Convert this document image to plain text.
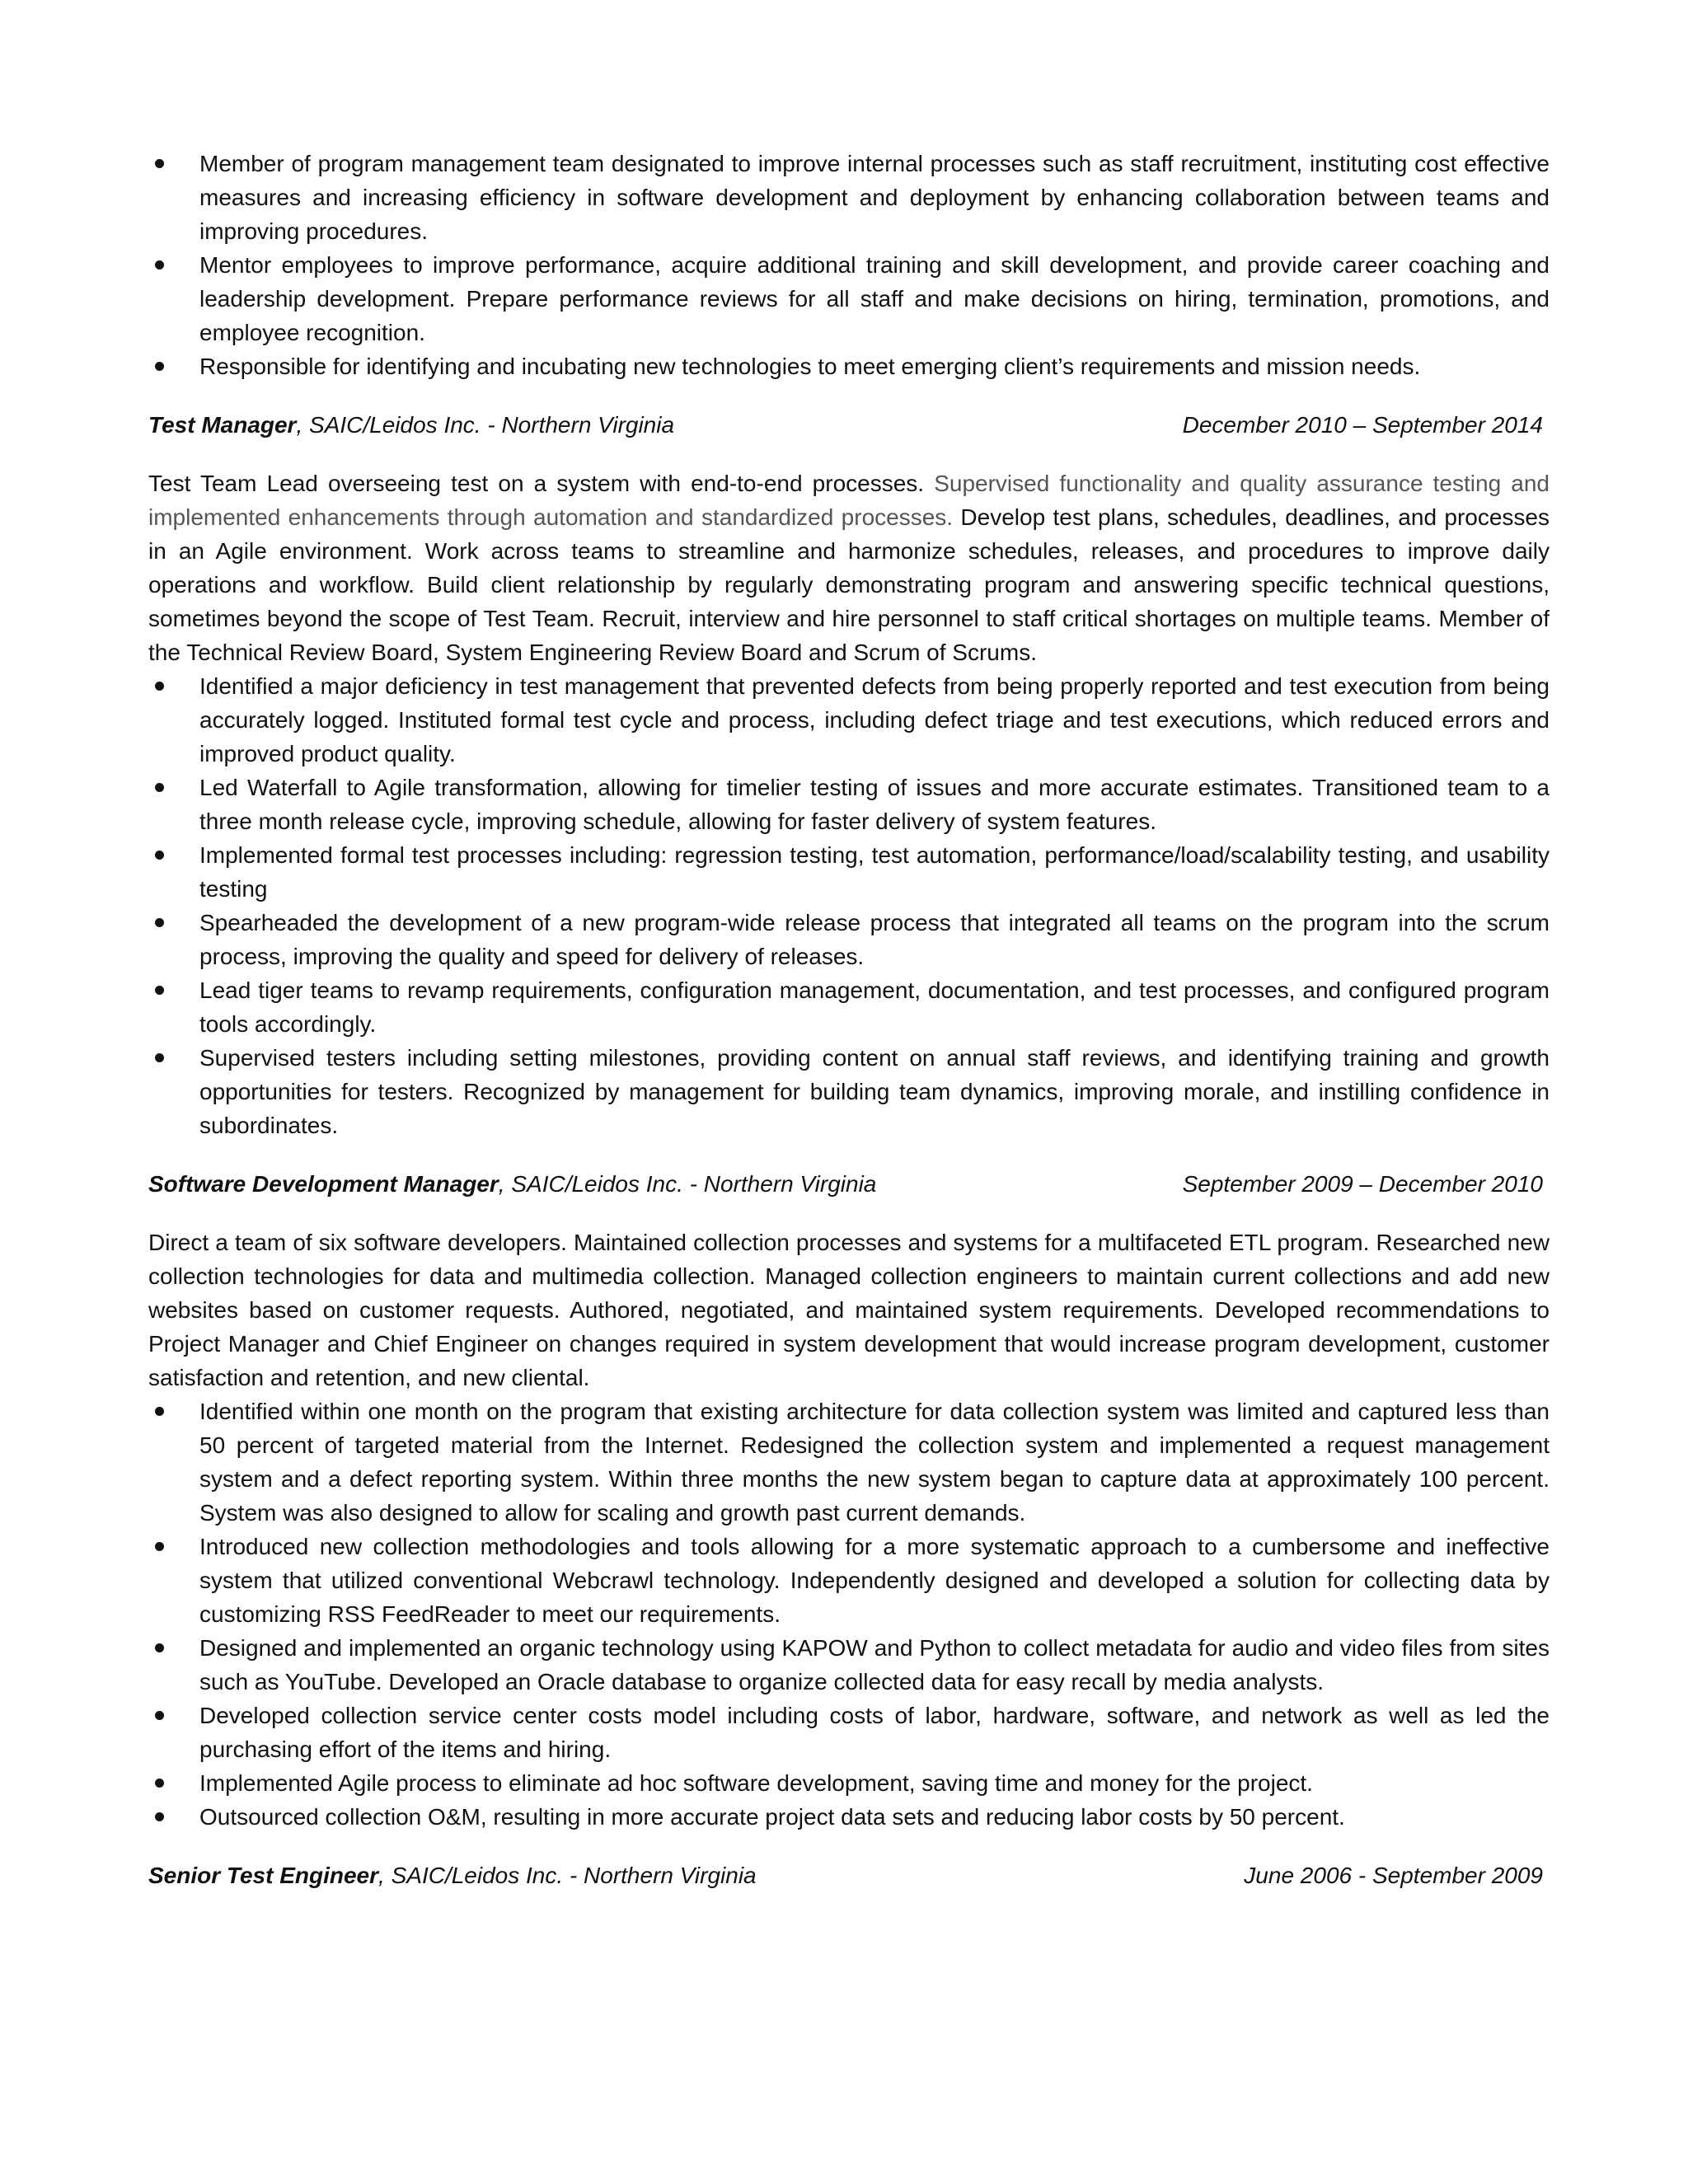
Member of program management team designated to improve internal processes such as staff recruitment, instituting cost effective measures and increasing efficiency in software development and deployment by enhancing collaboration between teams and improving procedures.
Mentor employees to improve performance, acquire additional training and skill development, and provide career coaching and leadership development. Prepare performance reviews for all staff and make decisions on hiring, termination, promotions, and employee recognition.
Responsible for identifying and incubating new technologies to meet emerging client’s requirements and mission needs.
Test Manager, SAIC/Leidos Inc. - Northern Virginia	December 2010 – September 2014

Test Team Lead overseeing test on a system with end-to-end processes. Supervised functionality and quality assurance testing and implemented enhancements through automation and standardized processes. Develop test plans, schedules, deadlines, and processes in an Agile environment. Work across teams to streamline and harmonize schedules, releases, and procedures to improve daily operations and workflow. Build client relationship by regularly demonstrating program and answering specific technical questions, sometimes beyond the scope of Test Team. Recruit, interview and hire personnel to staff critical shortages on multiple teams. Member of the Technical Review Board, System Engineering Review Board and Scrum of Scrums.

Identified a major deficiency in test management that prevented defects from being properly reported and test execution from being accurately logged. Instituted formal test cycle and process, including defect triage and test executions, which reduced errors and improved product quality.
Led Waterfall to Agile transformation, allowing for timelier testing of issues and more accurate estimates. Transitioned team to a three month release cycle, improving schedule, allowing for faster delivery of system features.
Implemented formal test processes including: regression testing, test automation, performance/load/scalability testing, and usability testing
Spearheaded the development of a new program-wide release process that integrated all teams on the program into the scrum process, improving the quality and speed for delivery of releases.
Lead tiger teams to revamp requirements, configuration management, documentation, and test processes, and configured program tools accordingly.
Supervised testers including setting milestones, providing content on annual staff reviews, and identifying training and growth opportunities for testers. Recognized by management for building team dynamics, improving morale, and instilling confidence in subordinates.
Software Development Manager, SAIC/Leidos Inc. - Northern Virginia	September 2009 – December 2010

Direct a team of six software developers. Maintained collection processes and systems for a multifaceted ETL program. Researched new collection technologies for data and multimedia collection. Managed collection engineers to maintain current collections and add new websites based on customer requests. Authored, negotiated, and maintained system requirements. Developed recommendations to Project Manager and Chief Engineer on changes required in system development that would increase program development, customer satisfaction and retention, and new cliental.

Identified within one month on the program that existing architecture for data collection system was limited and captured less than 50 percent of targeted material from the Internet. Redesigned the collection system and implemented a request management system and a defect reporting system. Within three months the new system began to capture data at approximately 100 percent. System was also designed to allow for scaling and growth past current demands.
Introduced new collection methodologies and tools allowing for a more systematic approach to a cumbersome and ineffective system that utilized conventional Webcrawl technology. Independently designed and developed a solution for collecting data by customizing RSS FeedReader to meet our requirements.
Designed and implemented an organic technology using KAPOW and Python to collect metadata for audio and video files from sites such as YouTube. Developed an Oracle database to organize collected data for easy recall by media analysts.
Developed collection service center costs model including costs of labor, hardware, software, and network as well as led the purchasing effort of the items and hiring.
Implemented Agile process to eliminate ad hoc software development, saving time and money for the project.
Outsourced collection O&M, resulting in more accurate project data sets and reducing labor costs by 50 percent.
Senior Test Engineer, SAIC/Leidos Inc. - Northern Virginia	June 2006 - September 2009
